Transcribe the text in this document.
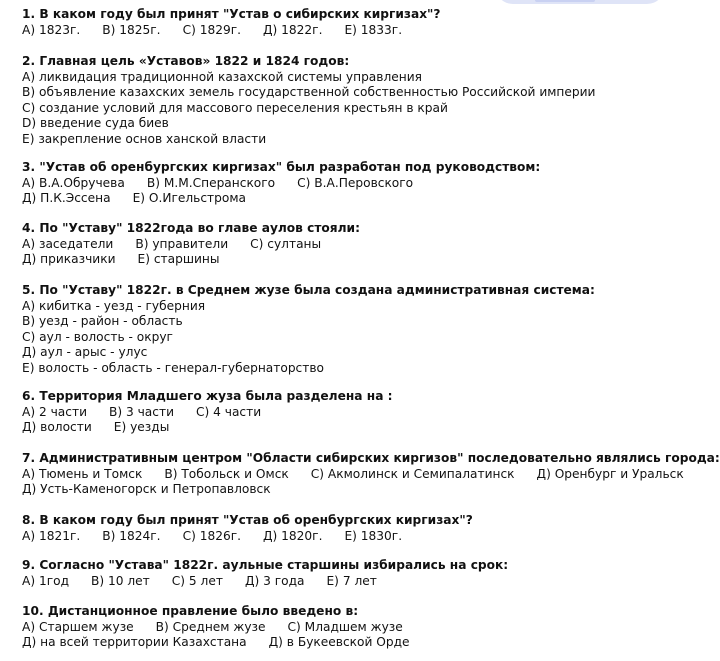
1. В каком году был принят "Устав о сибирских киргизах"?
А) 1823г. В) 1825г. С) 1829г. Д) 1822г. Е) 1833г.
2. Главная цель «Уставов» 1822 и 1824 годов:
А) ликвидация традиционной казахской системы управления
В) объявление казахских земель государственной собственностью Российской империи
С) создание условий для массового переселения крестьян в край
D) введение суда биев
Е) закрепление основ ханской власти
3. "Устав об оренбургских киргизах" был разработан под руководством:
А) В.А.Обручева В) М.М.Сперанского С) В.А.Перовского
Д) П.К.Эссена Е) О.Игельстрома
4. По "Уставу" 1822года во главе аулов стояли:
А) заседатели В) управители С) султаны
Д) приказчики Е) старшины
5. По "Уставу" 1822г. в Среднем жузе была создана административная система:
А) кибитка - уезд - губерния
В) уезд - район - область
С) аул - волость - округ
Д) аул - арыс - улус
Е) волость - область - генерал-губернаторство
6. Территория Младшего жуза была разделена на :
А) 2 части В) 3 части С) 4 части
Д) волости Е) уезды
7. Административным центром "Области сибирских киргизов" последовательно являлись города:
А) Тюмень и Томск В) Тобольск и Омск С) Акмолинск и Семипалатинск Д) Оренбург и Уральск
Д) Усть-Каменогорск и Петропавловск
8. В каком году был принят "Устав об оренбургских киргизах"?
А) 1821г. В) 1824г. С) 1826г. Д) 1820г. Е) 1830г.
9. Согласно "Устава" 1822г. аульные старшины избирались на срок:
А) 1год В) 10 лет С) 5 лет Д) 3 года Е) 7 лет
10. Дистанционное правление было введено в:
А) Старшем жузе В) Среднем жузе С) Младшем жузе
Д) на всей территории Казахстана Д) в Букеевской Орде
